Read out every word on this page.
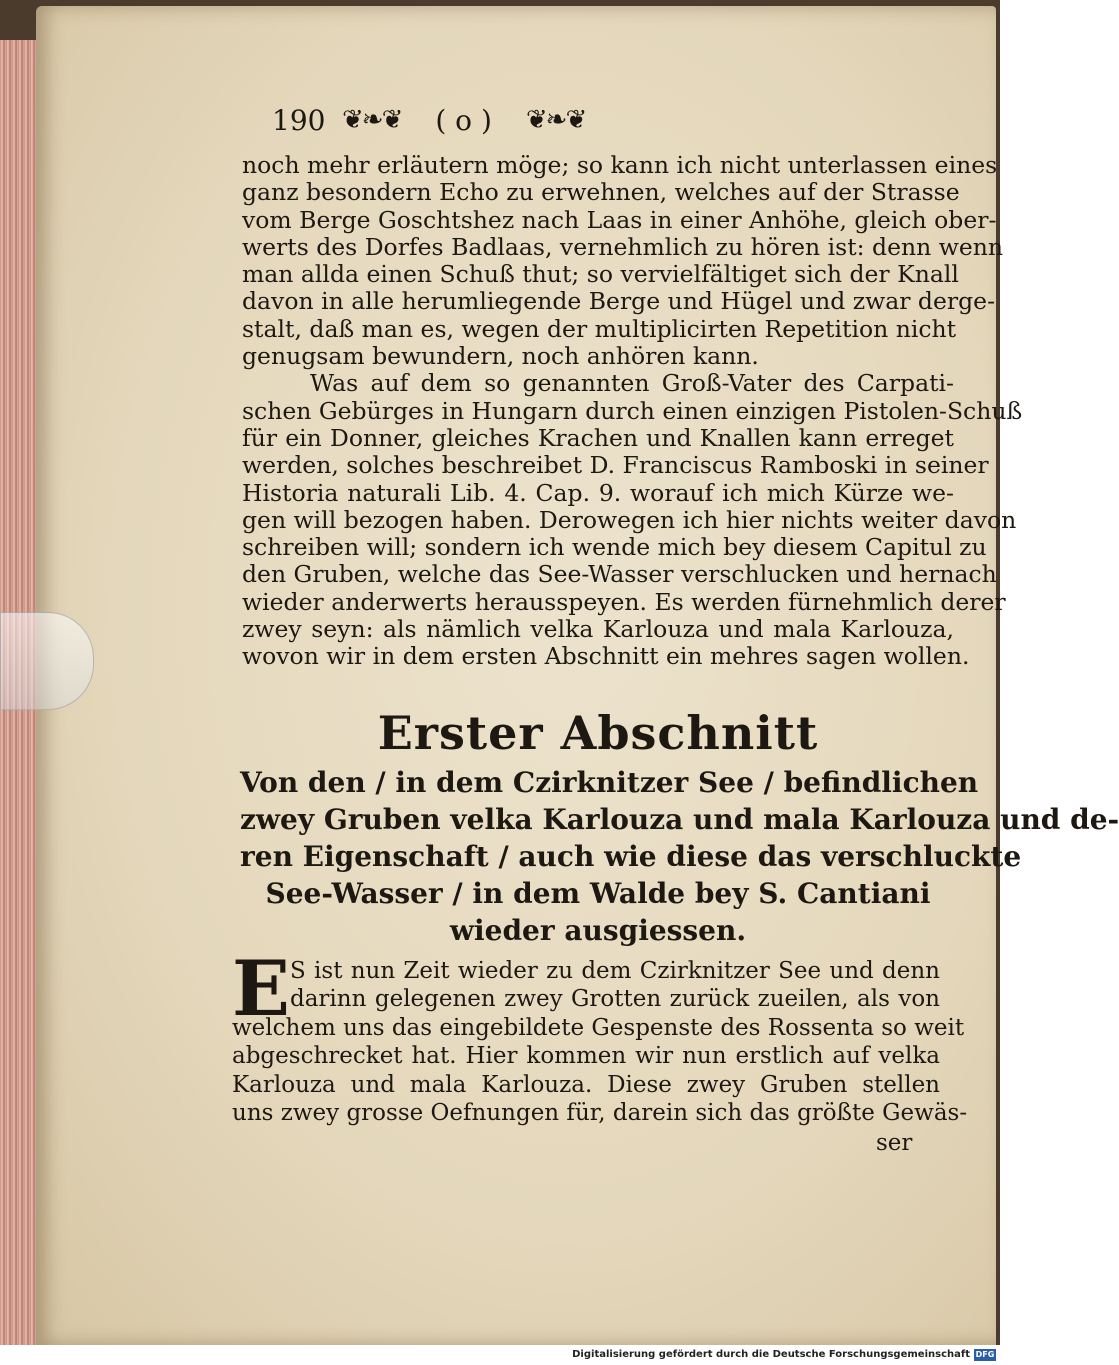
190 ❦❧❦ ( o ) ❦❧❦
noch mehr erläutern möge; so kann ich nicht unterlassen eines
ganz besondern Echo zu erwehnen, welches auf der Strasse
vom Berge Goschtshez nach Laas in einer Anhöhe, gleich ober-
werts des Dorfes Badlaas, vernehmlich zu hören ist: denn wenn
man allda einen Schuß thut; so vervielfältiget sich der Knall
davon in alle herumliegende Berge und Hügel und zwar derge-
stalt, daß man es, wegen der multiplicirten Repetition nicht
genugsam bewundern, noch anhören kann.
Was auf dem so genannten Groß-Vater des Carpati-
schen Gebürges in Hungarn durch einen einzigen Pistolen-Schuß
für ein Donner, gleiches Krachen und Knallen kann erreget
werden, solches beschreibet D. Franciscus Ramboski in seiner
Historia naturali Lib. 4. Cap. 9. worauf ich mich Kürze we-
gen will bezogen haben. Derowegen ich hier nichts weiter davon
schreiben will; sondern ich wende mich bey diesem Capitul zu
den Gruben, welche das See-Wasser verschlucken und hernach
wieder anderwerts herausspeyen. Es werden fürnehmlich derer
zwey seyn: als nämlich velka Karlouza und mala Karlouza,
wovon wir in dem ersten Abschnitt ein mehres sagen wollen.
Erster Abschnitt
Von den / in dem Czirknitzer See / befindlichen
zwey Gruben velka Karlouza und mala Karlouza und de-
ren Eigenschaft / auch wie diese das verschluckte
See-Wasser / in dem Walde bey S. Cantiani
wieder ausgiessen.
E S ist nun Zeit wieder zu dem Czirknitzer See und denn
darinn gelegenen zwey Grotten zurück zueilen, als von
welchem uns das eingebildete Gespenste des Rossenta so weit
abgeschrecket hat. Hier kommen wir nun erstlich auf velka
Karlouza und mala Karlouza. Diese zwey Gruben stellen
uns zwey grosse Oefnungen für, darein sich das größte Gewäs-
ser
Digitalisierung gefördert durch die Deutsche Forschungsgemeinschaft DFG
